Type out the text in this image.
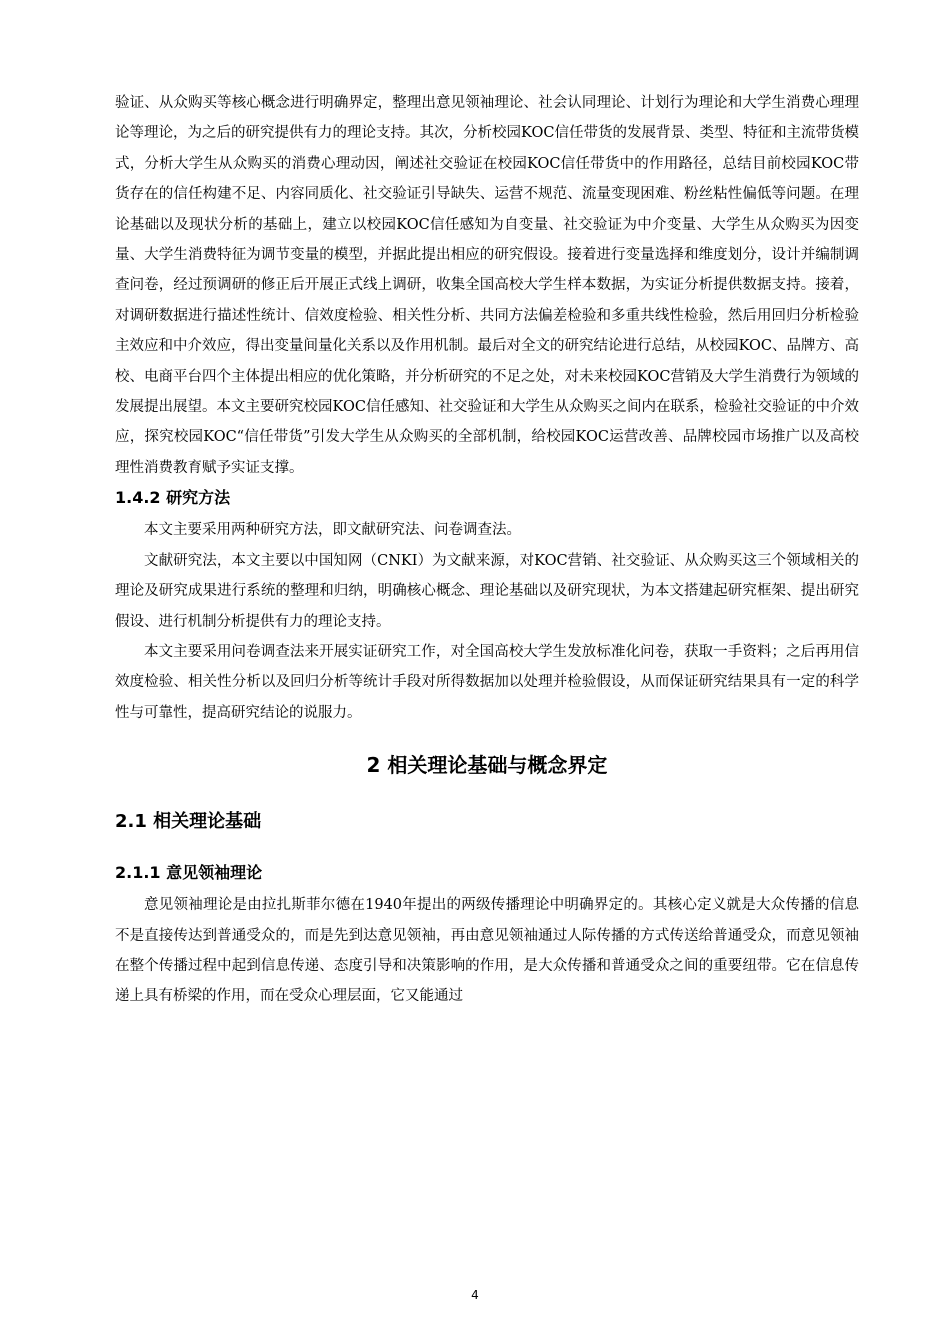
验证、从众购买等核心概念进行明确界定，整理出意见领袖理论、社会认同理论、计划行为理论和大学生消费心理理论等理论，为之后的研究提供有力的理论支持。其次，分析校园KOC信任带货的发展背景、类型、特征和主流带货模式，分析大学生从众购买的消费心理动因，阐述社交验证在校园KOC信任带货中的作用路径，总结目前校园KOC带货存在的信任构建不足、内容同质化、社交验证引导缺失、运营不规范、流量变现困难、粉丝粘性偏低等问题。在理论基础以及现状分析的基础上，建立以校园KOC信任感知为自变量、社交验证为中介变量、大学生从众购买为因变量、大学生消费特征为调节变量的模型，并据此提出相应的研究假设。接着进行变量选择和维度划分，设计并编制调查问卷，经过预调研的修正后开展正式线上调研，收集全国高校大学生样本数据，为实证分析提供数据支持。接着，对调研数据进行描述性统计、信效度检验、相关性分析、共同方法偏差检验和多重共线性检验，然后用回归分析检验主效应和中介效应，得出变量间量化关系以及作用机制。最后对全文的研究结论进行总结，从校园KOC、品牌方、高校、电商平台四个主体提出相应的优化策略，并分析研究的不足之处，对未来校园KOC营销及大学生消费行为领域的发展提出展望。本文主要研究校园KOC信任感知、社交验证和大学生从众购买之间内在联系，检验社交验证的中介效应，探究校园KOC“信任带货”引发大学生从众购买的全部机制，给校园KOC运营改善、品牌校园市场推广以及高校理性消费教育赋予实证支撑。

1.4.2 研究方法

本文主要采用两种研究方法，即文献研究法、问卷调查法。

文献研究法，本文主要以中国知网（CNKI）为文献来源，对KOC营销、社交验证、从众购买这三个领域相关的理论及研究成果进行系统的整理和归纳，明确核心概念、理论基础以及研究现状，为本文搭建起研究框架、提出研究假设、进行机制分析提供有力的理论支持。

本文主要采用问卷调查法来开展实证研究工作，对全国高校大学生发放标准化问卷，获取一手资料；之后再用信效度检验、相关性分析以及回归分析等统计手段对所得数据加以处理并检验假设，从而保证研究结果具有一定的科学性与可靠性，提高研究结论的说服力。

2 相关理论基础与概念界定
2.1 相关理论基础
2.1.1 意见领袖理论

意见领袖理论是由拉扎斯菲尔德在1940年提出的两级传播理论中明确界定的。其核心定义就是大众传播的信息不是直接传达到普通受众的，而是先到达意见领袖，再由意见领袖通过人际传播的方式传送给普通受众，而意见领袖在整个传播过程中起到信息传递、态度引导和决策影响的作用，是大众传播和普通受众之间的重要纽带。它在信息传递上具有桥梁的作用，而在受众心理层面，它又能通过

4
